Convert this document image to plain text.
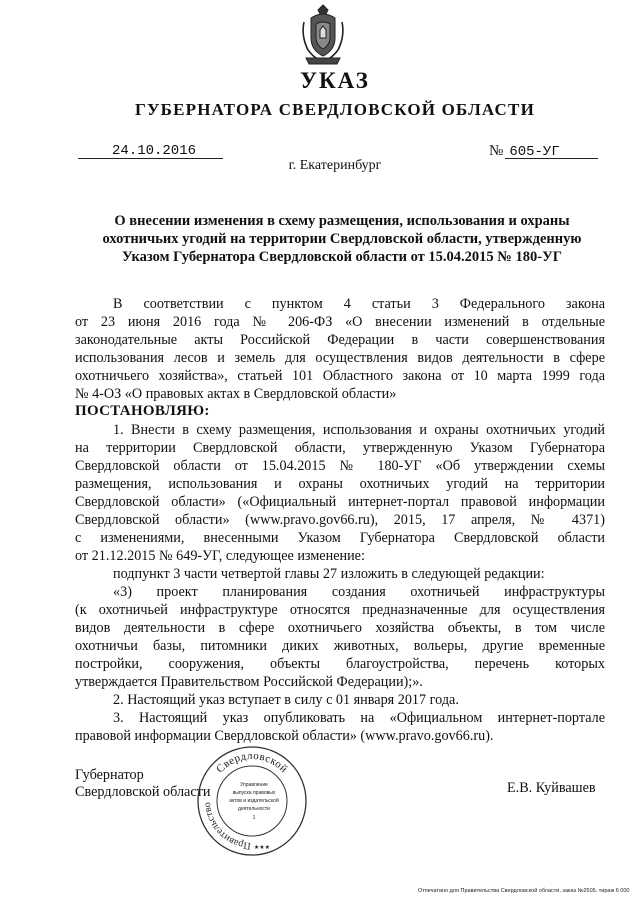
УКАЗ
ГУБЕРНАТОРА СВЕРДЛОВСКОЙ ОБЛАСТИ
24.10.2016	№ 605-УГ
г. Екатеринбург
О внесении изменения в схему размещения, использования и охраны
охотничьих угодий на территории Свердловской области, утвержденную
Указом Губернатора Свердловской области от 15.04.2015 № 180-УГ
В соответствии с пунктом 4 статьи 3 Федерального закона
от 23 июня 2016 года № 206-ФЗ «О внесении изменений в отдельные
законодательные акты Российской Федерации в части совершенствования
использования лесов и земель для осуществления видов деятельности в сфере
охотничьего хозяйства», статьей 101 Областного закона от 10 марта 1999 года
№ 4-ОЗ «О правовых актах в Свердловской области»
ПОСТАНОВЛЯЮ:
1. Внести в схему размещения, использования и охраны охотничьих угодий
на территории Свердловской области, утвержденную Указом Губернатора
Свердловской области от 15.04.2015 № 180-УГ «Об утверждении схемы
размещения, использования и охраны охотничьих угодий на территории
Свердловской области» («Официальный интернет-портал правовой информации
Свердловской области» (www.pravo.gov66.ru), 2015, 17 апреля, № 4371)
с изменениями, внесенными Указом Губернатора Свердловской области
от 21.12.2015 № 649-УГ, следующее изменение:
подпункт 3 части четвертой главы 27 изложить в следующей редакции:
«3) проект планирования создания охотничьей инфраструктуры
(к охотничьей инфраструктуре относятся предназначенные для осуществления
видов деятельности в сфере охотничьего хозяйства объекты, в том числе
охотничьи базы, питомники диких животных, вольеры, другие временные
постройки, сооружения, объекты благоустройства, перечень которых
утверждается Правительством Российской Федерации);».
2. Настоящий указ вступает в силу с 01 января 2017 года.
3. Настоящий указ опубликовать на «Официальном интернет-портале
правовой информации Свердловской области» (www.pravo.gov66.ru).
Губернатор
Свердловской области	Е.В. Куйвашев
Свердловской
Правительство
Управление
выпуска правовых
актов и издательской
деятельности
1
★★★
Отпечатано для Правительства Свердловской области, заказ №2505, тираж 6 000
